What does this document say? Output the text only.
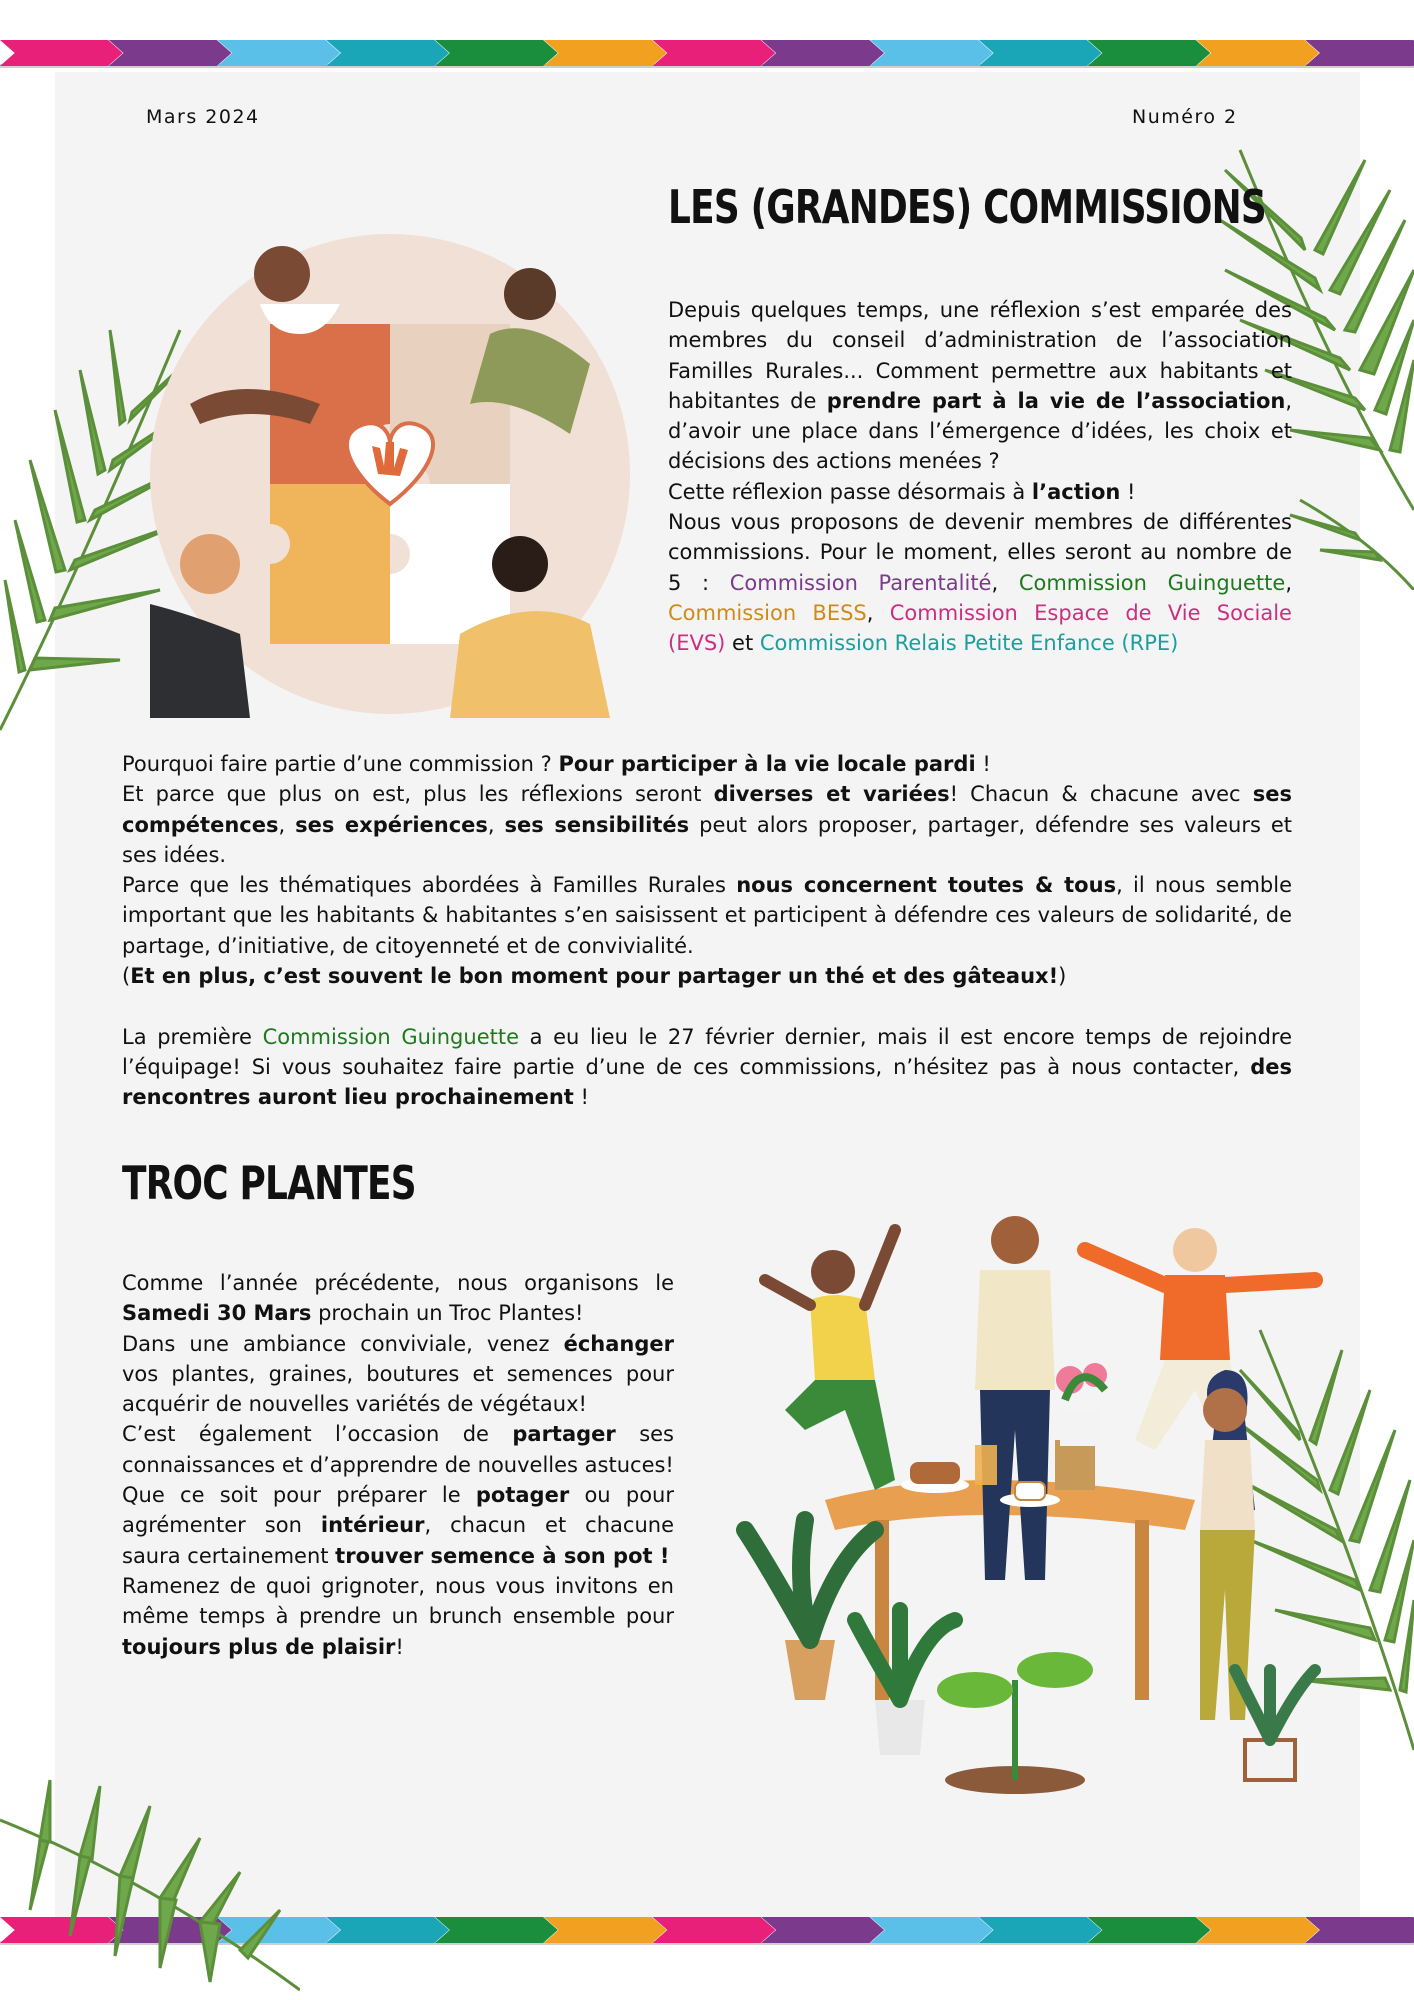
Mars 2024	Numéro 2
LES (GRANDES) COMMISSIONS

Depuis quelques temps, une réflexion s’est emparée des membres du conseil d’administration de l’association Familles Rurales... Comment permettre aux habitants et habitantes de prendre part à la vie de l’association, d’avoir une place dans l’émergence d’idées, les choix et décisions des actions menées ?
Cette réflexion passe désormais à l’action !
Nous vous proposons de devenir membres de différentes commissions. Pour le moment, elles seront au nombre de 5 : Commission Parentalité, Commission Guinguette, Commission BESS, Commission Espace de Vie Sociale (EVS) et Commission Relais Petite Enfance (RPE)

Pourquoi faire partie d’une commission ? Pour participer à la vie locale pardi !
Et parce que plus on est, plus les réflexions seront diverses et variées! Chacun & chacune avec ses compétences, ses expériences, ses sensibilités peut alors proposer, partager, défendre ses valeurs et ses idées.
Parce que les thématiques abordées à Familles Rurales nous concernent toutes & tous, il nous semble important que les habitants & habitantes s’en saisissent et participent à défendre ces valeurs de solidarité, de partage, d’initiative, de citoyenneté et de convivialité.
(Et en plus, c’est souvent le bon moment pour partager un thé et des gâteaux!)

La première Commission Guinguette a eu lieu le 27 février dernier, mais il est encore temps de rejoindre l’équipage! Si vous souhaitez faire partie d’une de ces commissions, n’hésitez pas à nous contacter, des rencontres auront lieu prochainement !
TROC PLANTES
Comme l’année précédente, nous organisons le Samedi 30 Mars prochain un Troc Plantes!
Dans une ambiance conviviale, venez échanger vos plantes, graines, boutures et semences pour acquérir de nouvelles variétés de végétaux!
C’est également l’occasion de partager ses connaissances et d’apprendre de nouvelles astuces!
Que ce soit pour préparer le potager ou pour agrémenter son intérieur, chacun et chacune saura certainement trouver semence à son pot !
Ramenez de quoi grignoter, nous vous invitons en même temps à prendre un brunch ensemble pour toujours plus de plaisir!
